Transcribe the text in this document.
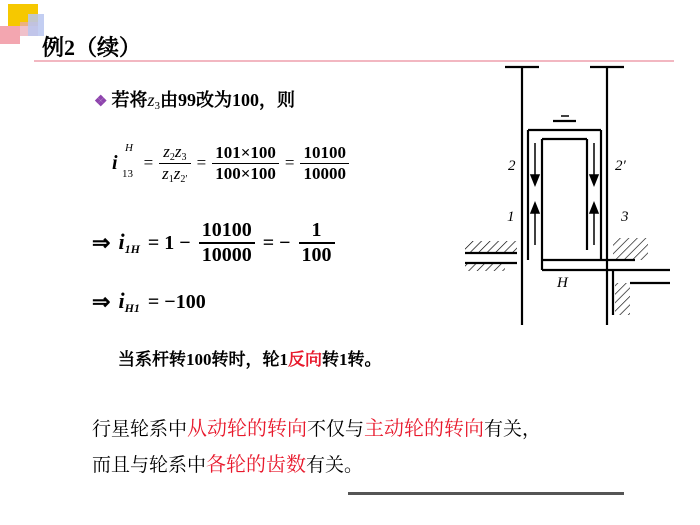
例2（续）
❖ 若将$z_3$由99改为100，则
i
H
13
= $\frac{z2z3}{z1z2'} = \frac{101\times 100}{100\times 100} = \frac{10100}{10000}$
⇒ $i1H = 1 - \frac{10100}{10000}$ = − $\frac{1}{100}$
⇒ iH1 = −100
当系杆转100转时，轮1反向转1转。
行星轮系中从动轮的转向不仅与主动轮的转向有关，
而且与轮系中各轮的齿数有关。
2	2′
1	3
H
